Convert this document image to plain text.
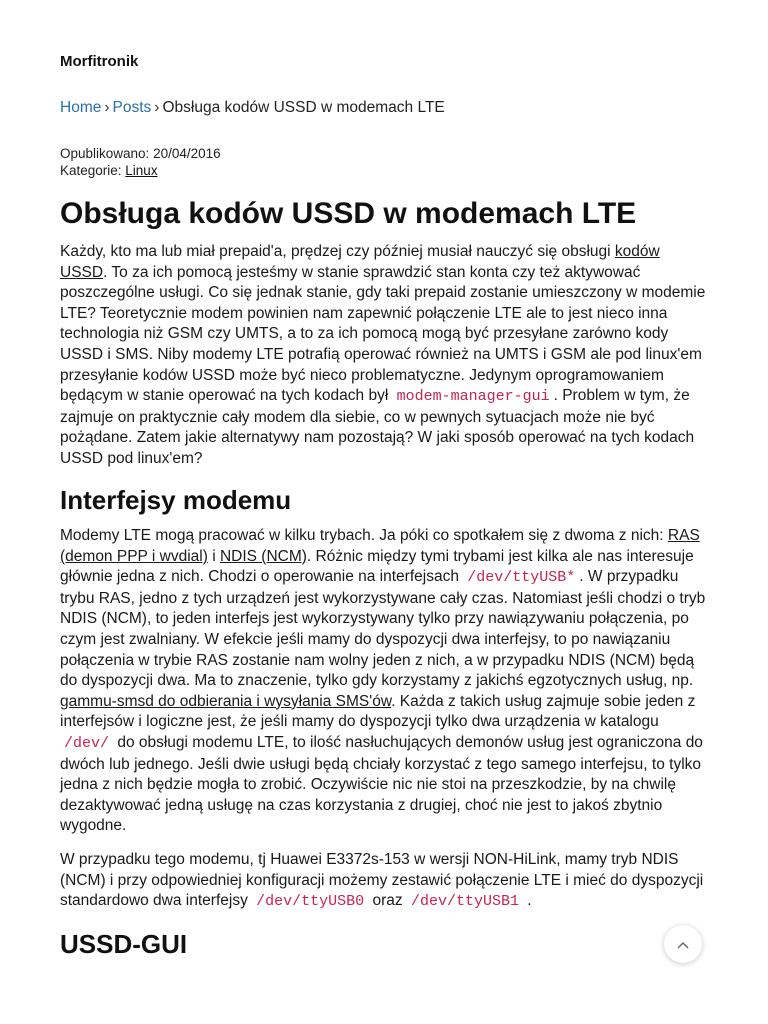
Morfitronik
Home › Posts › Obsługa kodów USSD w modemach LTE
Opublikowano: 20/04/2016
Kategorie: Linux
Obsługa kodów USSD w modemach LTE

Każdy, kto ma lub miał prepaid'a, prędzej czy później musiał nauczyć się obsługi kodów USSD. To za ich pomocą jesteśmy w stanie sprawdzić stan konta czy też aktywować poszczególne usługi. Co się jednak stanie, gdy taki prepaid zostanie umieszczony w modemie LTE? Teoretycznie modem powinien nam zapewnić połączenie LTE ale to jest nieco inna technologia niż GSM czy UMTS, a to za ich pomocą mogą być przesyłane zarówno kody USSD i SMS. Niby modemy LTE potrafią operować również na UMTS i GSM ale pod linux'em przesyłanie kodów USSD może być nieco problematyczne. Jedynym oprogramowaniem będącym w stanie operować na tych kodach był modem-manager-gui . Problem w tym, że zajmuje on praktycznie cały modem dla siebie, co w pewnych sytuacjach może nie być pożądane. Zatem jakie alternatywy nam pozostają? W jaki sposób operować na tych kodach USSD pod linux'em?

Interfejsy modemu

Modemy LTE mogą pracować w kilku trybach. Ja póki co spotkałem się z dwoma z nich: RAS (demon PPP i wvdial) i NDIS (NCM). Różnic między tymi trybami jest kilka ale nas interesuje głównie jedna z nich. Chodzi o operowanie na interfejsach /dev/ttyUSB* . W przypadku trybu RAS, jedno z tych urządzeń jest wykorzystywane cały czas. Natomiast jeśli chodzi o tryb NDIS (NCM), to jeden interfejs jest wykorzystywany tylko przy nawiązywaniu połączenia, po czym jest zwalniany. W efekcie jeśli mamy do dyspozycji dwa interfejsy, to po nawiązaniu połączenia w trybie RAS zostanie nam wolny jeden z nich, a w przypadku NDIS (NCM) będą do dyspozycji dwa. Ma to znaczenie, tylko gdy korzystamy z jakichś egzotycznych usług, np. gammu-smsd do odbierania i wysyłania SMS'ów. Każda z takich usług zajmuje sobie jeden z interfejsów i logiczne jest, że jeśli mamy do dyspozycji tylko dwa urządzenia w katalogu /dev/ do obsługi modemu LTE, to ilość nasłuchujących demonów usług jest ograniczona do dwóch lub jednego. Jeśli dwie usługi będą chciały korzystać z tego samego interfejsu, to tylko jedna z nich będzie mogła to zrobić. Oczywiście nic nie stoi na przeszkodzie, by na chwilę dezaktywować jedną usługę na czas korzystania z drugiej, choć nie jest to jakoś zbytnio wygodne.

W przypadku tego modemu, tj Huawei E3372s-153 w wersji NON-HiLink, mamy tryb NDIS (NCM) i przy odpowiedniej konfiguracji możemy zestawić połączenie LTE i mieć do dyspozycji standardowo dwa interfejsy /dev/ttyUSB0 oraz /dev/ttyUSB1 .

USSD-GUI
